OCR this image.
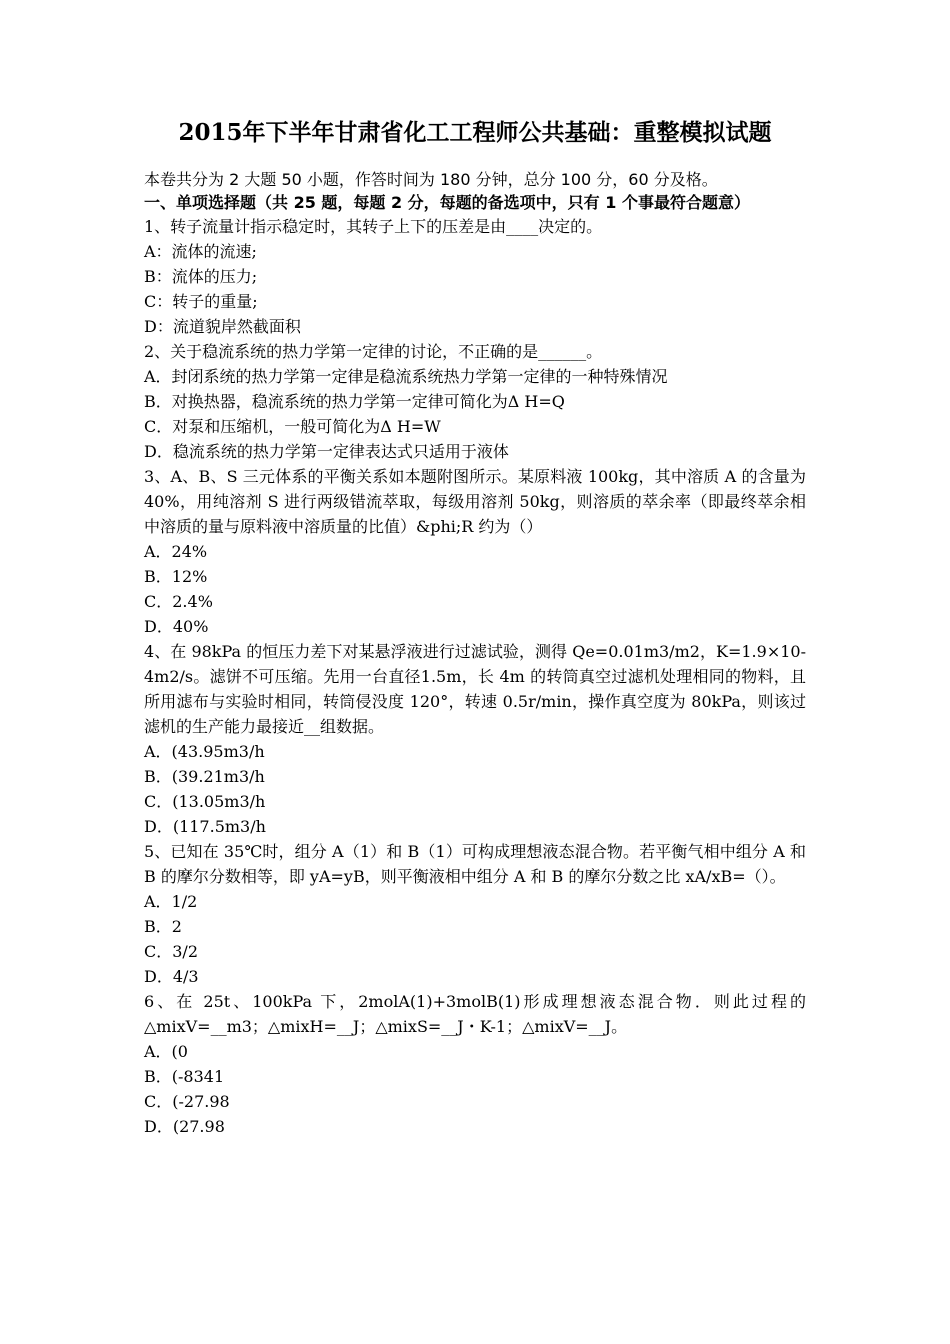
2015年下半年甘肃省化工工程师公共基础：重整模拟试题

本卷共分为 2 大题 50 小题，作答时间为 180 分钟，总分 100 分，60 分及格。

一、单项选择题（共 25 题，每题 2 分，每题的备选项中，只有 1 个事最符合题意）

1、转子流量计指示稳定时，其转子上下的压差是由____决定的。

A：流体的流速;

B：流体的压力;

C：转子的重量;

D：流道貌岸然截面积

2、关于稳流系统的热力学第一定律的讨论，不正确的是______。

A．封闭系统的热力学第一定律是稳流系统热力学第一定律的一种特殊情况

B．对换热器，稳流系统的热力学第一定律可简化为Δ H=Q

C．对泵和压缩机，一般可简化为Δ H=W

D．稳流系统的热力学第一定律表达式只适用于液体

3、A、B、S 三元体系的平衡关系如本题附图所示。某原料液 100kg，其中溶质 A 的含量为 40%，用纯溶剂 S 进行两级错流萃取，每级用溶剂 50kg，则溶质的萃余率（即最终萃余相中溶质的量与原料液中溶质量的比值）&phi;R 约为（）

A．24%

B．12%

C．2.4%

D．40%

4、在 98kPa 的恒压力差下对某悬浮液进行过滤试验，测得 Qe=0.01m3/m2，K=1.9×10-4m2/s。滤饼不可压缩。先用一台直径1.5m，长 4m 的转筒真空过滤机处理相同的物料，且所用滤布与实验时相同，转筒侵没度 120°，转速 0.5r/min，操作真空度为 80kPa，则该过滤机的生产能力最接近__组数据。

A．(43.95m3/h

B．(39.21m3/h

C．(13.05m3/h

D．(117.5m3/h

5、已知在 35℃时，组分 A（1）和 B（1）可构成理想液态混合物。若平衡气相中组分 A 和 B 的摩尔分数相等，即 yA=yB，则平衡液相中组分 A 和 B 的摩尔分数之比 xA/xB=（）。

A．1/2

B．2

C．3/2

D．4/3

6、在 25t、100kPa 下，2molA(1)+3molB(1)形成理想液态混合物．则此过程的△mixV=__m3；△mixH=__J；△mixS=__J・K-1；△mixV=__J。

A．(0

B．(-8341

C．(-27.98

D．(27.98
